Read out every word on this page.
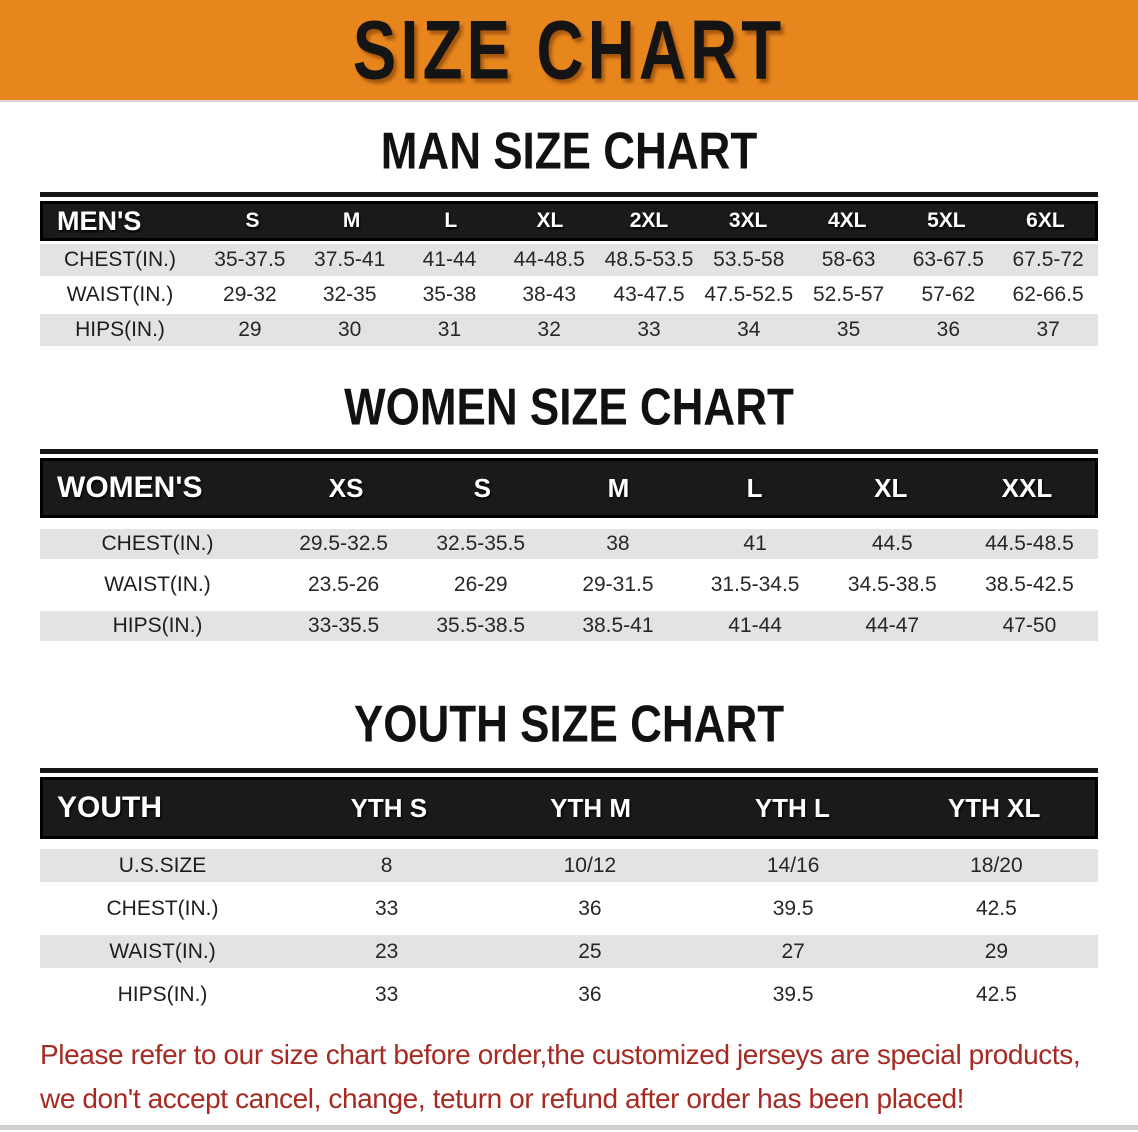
SIZE CHART
MAN SIZE CHART
MEN'S	S	M	L	XL	2XL	3XL	4XL	5XL	6XL
CHEST(IN.)	35-37.5	37.5-41	41-44	44-48.5 48.5-53.5 53.5-58	58-63	63-67.5	67.5-72
WAIST(IN.)	29-32	32-35	35-38	38-43	43-47.5 47.5-52.5 52.5-57	57-62	62-66.5
HIPS(IN.)	29	30	31	32	33	34	35	36	37
WOMEN SIZE CHART
WOMEN'S	XS	S	M	L	XL	XXL
CHEST(IN.)	29.5-32.5	32.5-35.5	38	41	44.5	44.5-48.5
WAIST(IN.)	23.5-26	26-29	29-31.5	31.5-34.5	34.5-38.5	38.5-42.5
HIPS(IN.)	33-35.5	35.5-38.5	38.5-41	41-44	44-47	47-50
YOUTH SIZE CHART
YOUTH	YTH S	YTH M	YTH L	YTH XL
U.S.SIZE	8	10/12	14/16	18/20
CHEST(IN.)	33	36	39.5	42.5
WAIST(IN.)	23	25	27	29
HIPS(IN.)	33	36	39.5	42.5

Please refer to our size chart before order,the customized jerseys are special products,

we don't accept cancel, change, teturn or refund after order has been placed!
